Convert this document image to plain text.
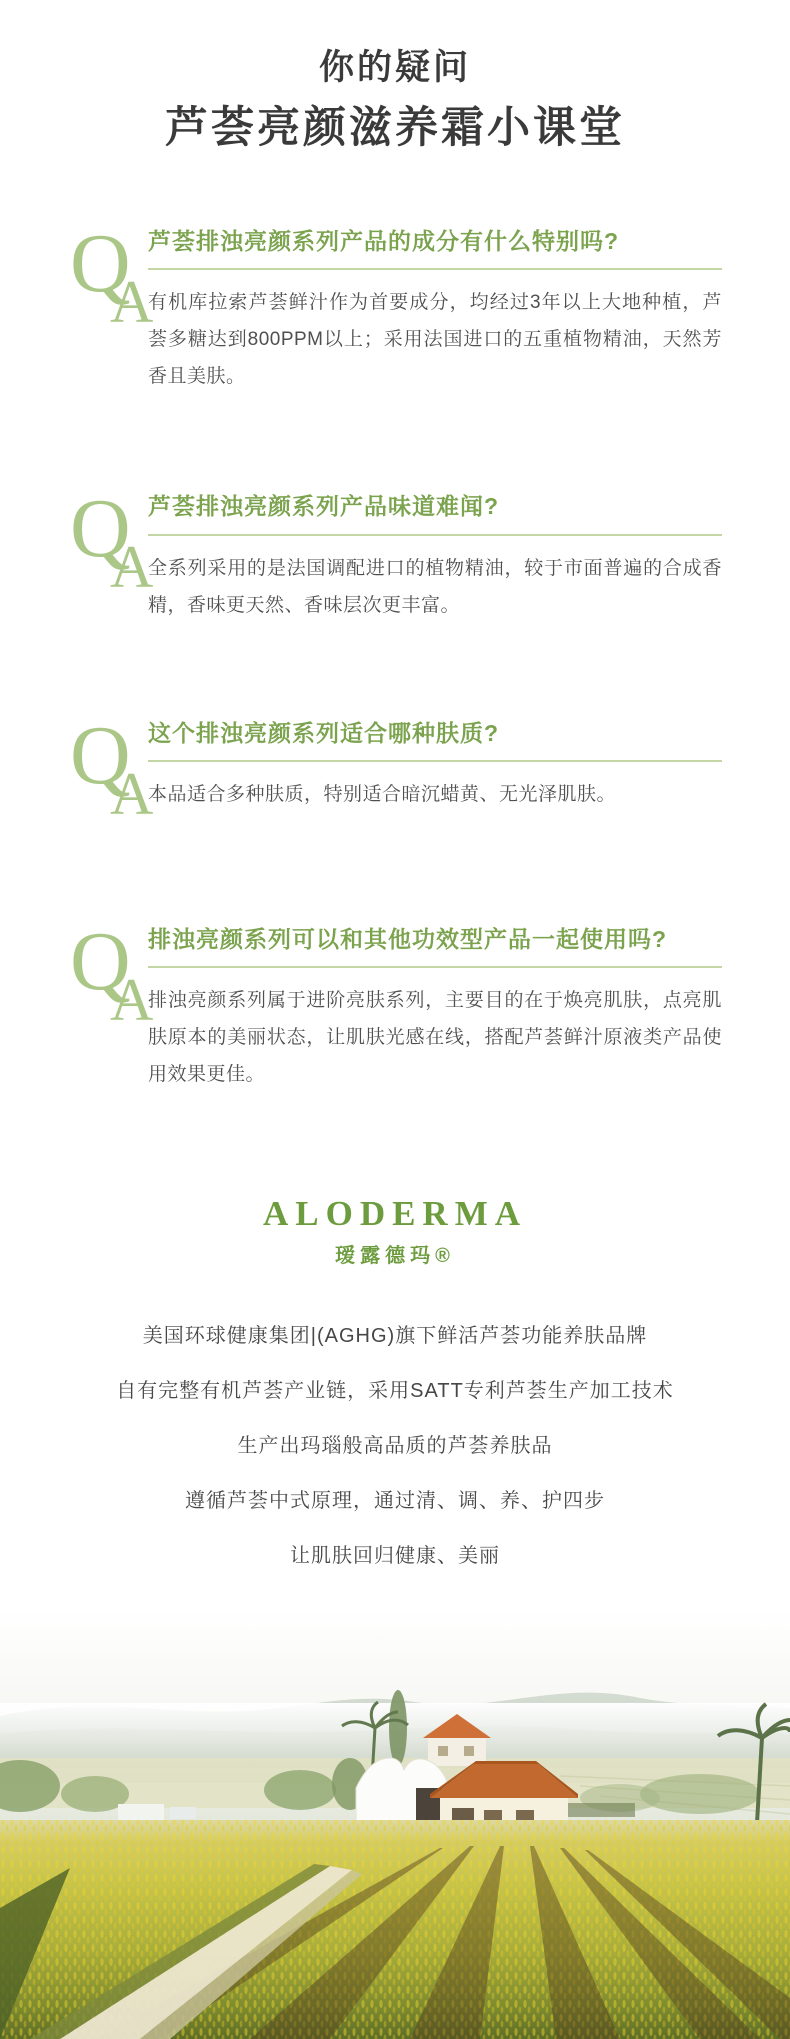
你的疑问
芦荟亮颜滋养霜小课堂
Q
A
芦荟排浊亮颜系列产品的成分有什么特别吗?
有机库拉索芦荟鲜汁作为首要成分，均经过3年以上大地种植，芦荟多糖达到800PPM以上；采用法国进口的五重植物精油，天然芳香且美肤。
Q
A
芦荟排浊亮颜系列产品味道难闻?
全系列采用的是法国调配进口的植物精油，较于市面普遍的合成香精，香味更天然、香味层次更丰富。
Q
A
这个排浊亮颜系列适合哪种肤质?
本品适合多种肤质，特别适合暗沉蜡黄、无光泽肌肤。
Q
A
排浊亮颜系列可以和其他功效型产品一起使用吗?
排浊亮颜系列属于进阶亮肤系列，主要目的在于焕亮肌肤，点亮肌肤原本的美丽状态，让肌肤光感在线，搭配芦荟鲜汁原液类产品使用效果更佳。
ALODERMA
瑷露德玛®
美国环球健康集团|(AGHG)旗下鲜活芦荟功能养肤品牌
自有完整有机芦荟产业链，采用SATT专利芦荟生产加工技术
生产出玛瑙般高品质的芦荟养肤品
遵循芦荟中式原理，通过清、调、养、护四步
让肌肤回归健康、美丽
